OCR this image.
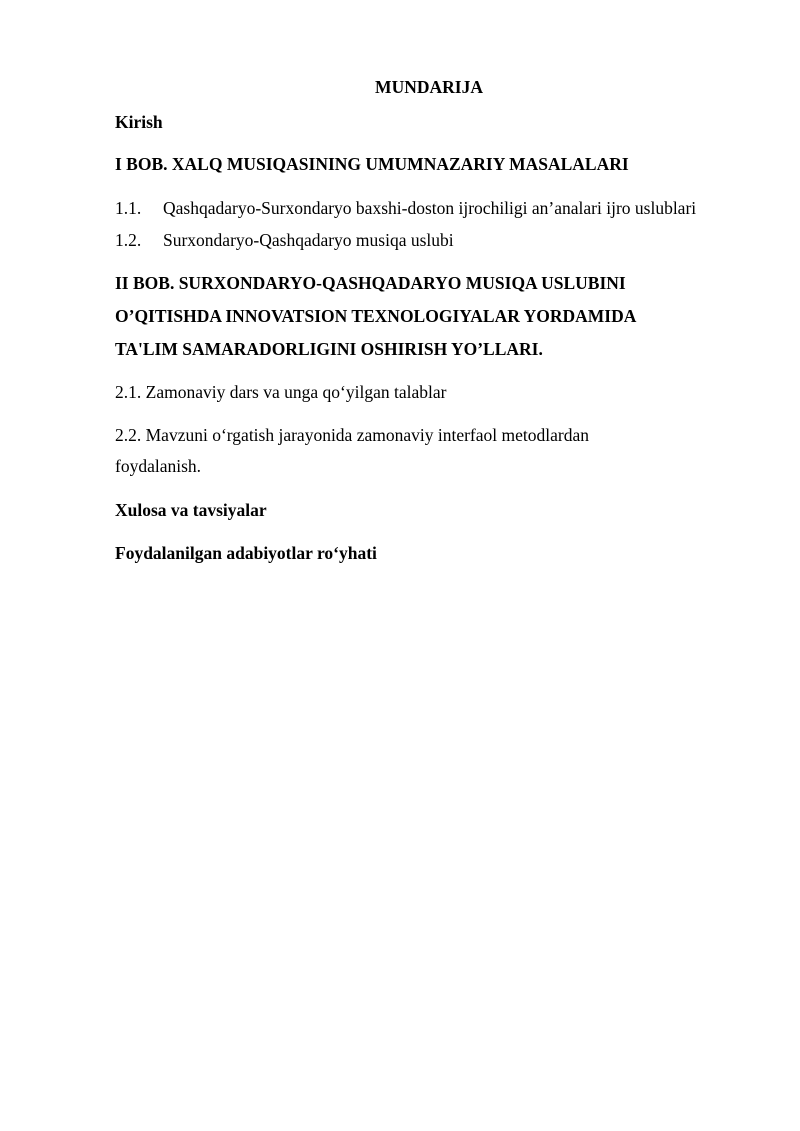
MUNDARIJA
Kirish
I BOB. XALQ MUSIQASINING UMUMNAZARIY MASALALARI
1.1. Qashqadaryo-Surxondaryo baxshi-doston ijrochiligi an’analari ijro uslublari
1.2. Surxondaryo-Qashqadaryo musiqa uslubi
II BOB. SURXONDARYO-QASHQADARYO MUSIQA USLUBINI
O’QITISHDA INNOVATSION TEXNOLOGIYALAR YORDAMIDA
TA'LIM SAMARADORLIGINI OSHIRISH YO’LLARI.
2.1. Zamonaviy dars va unga qo‘yilgan talablar
2.2. Mavzuni o‘rgatish jarayonida zamonaviy interfaol metodlardan
foydalanish.
Xulosa va tavsiyalar
Foydalanilgan adabiyotlar ro‘yhati
